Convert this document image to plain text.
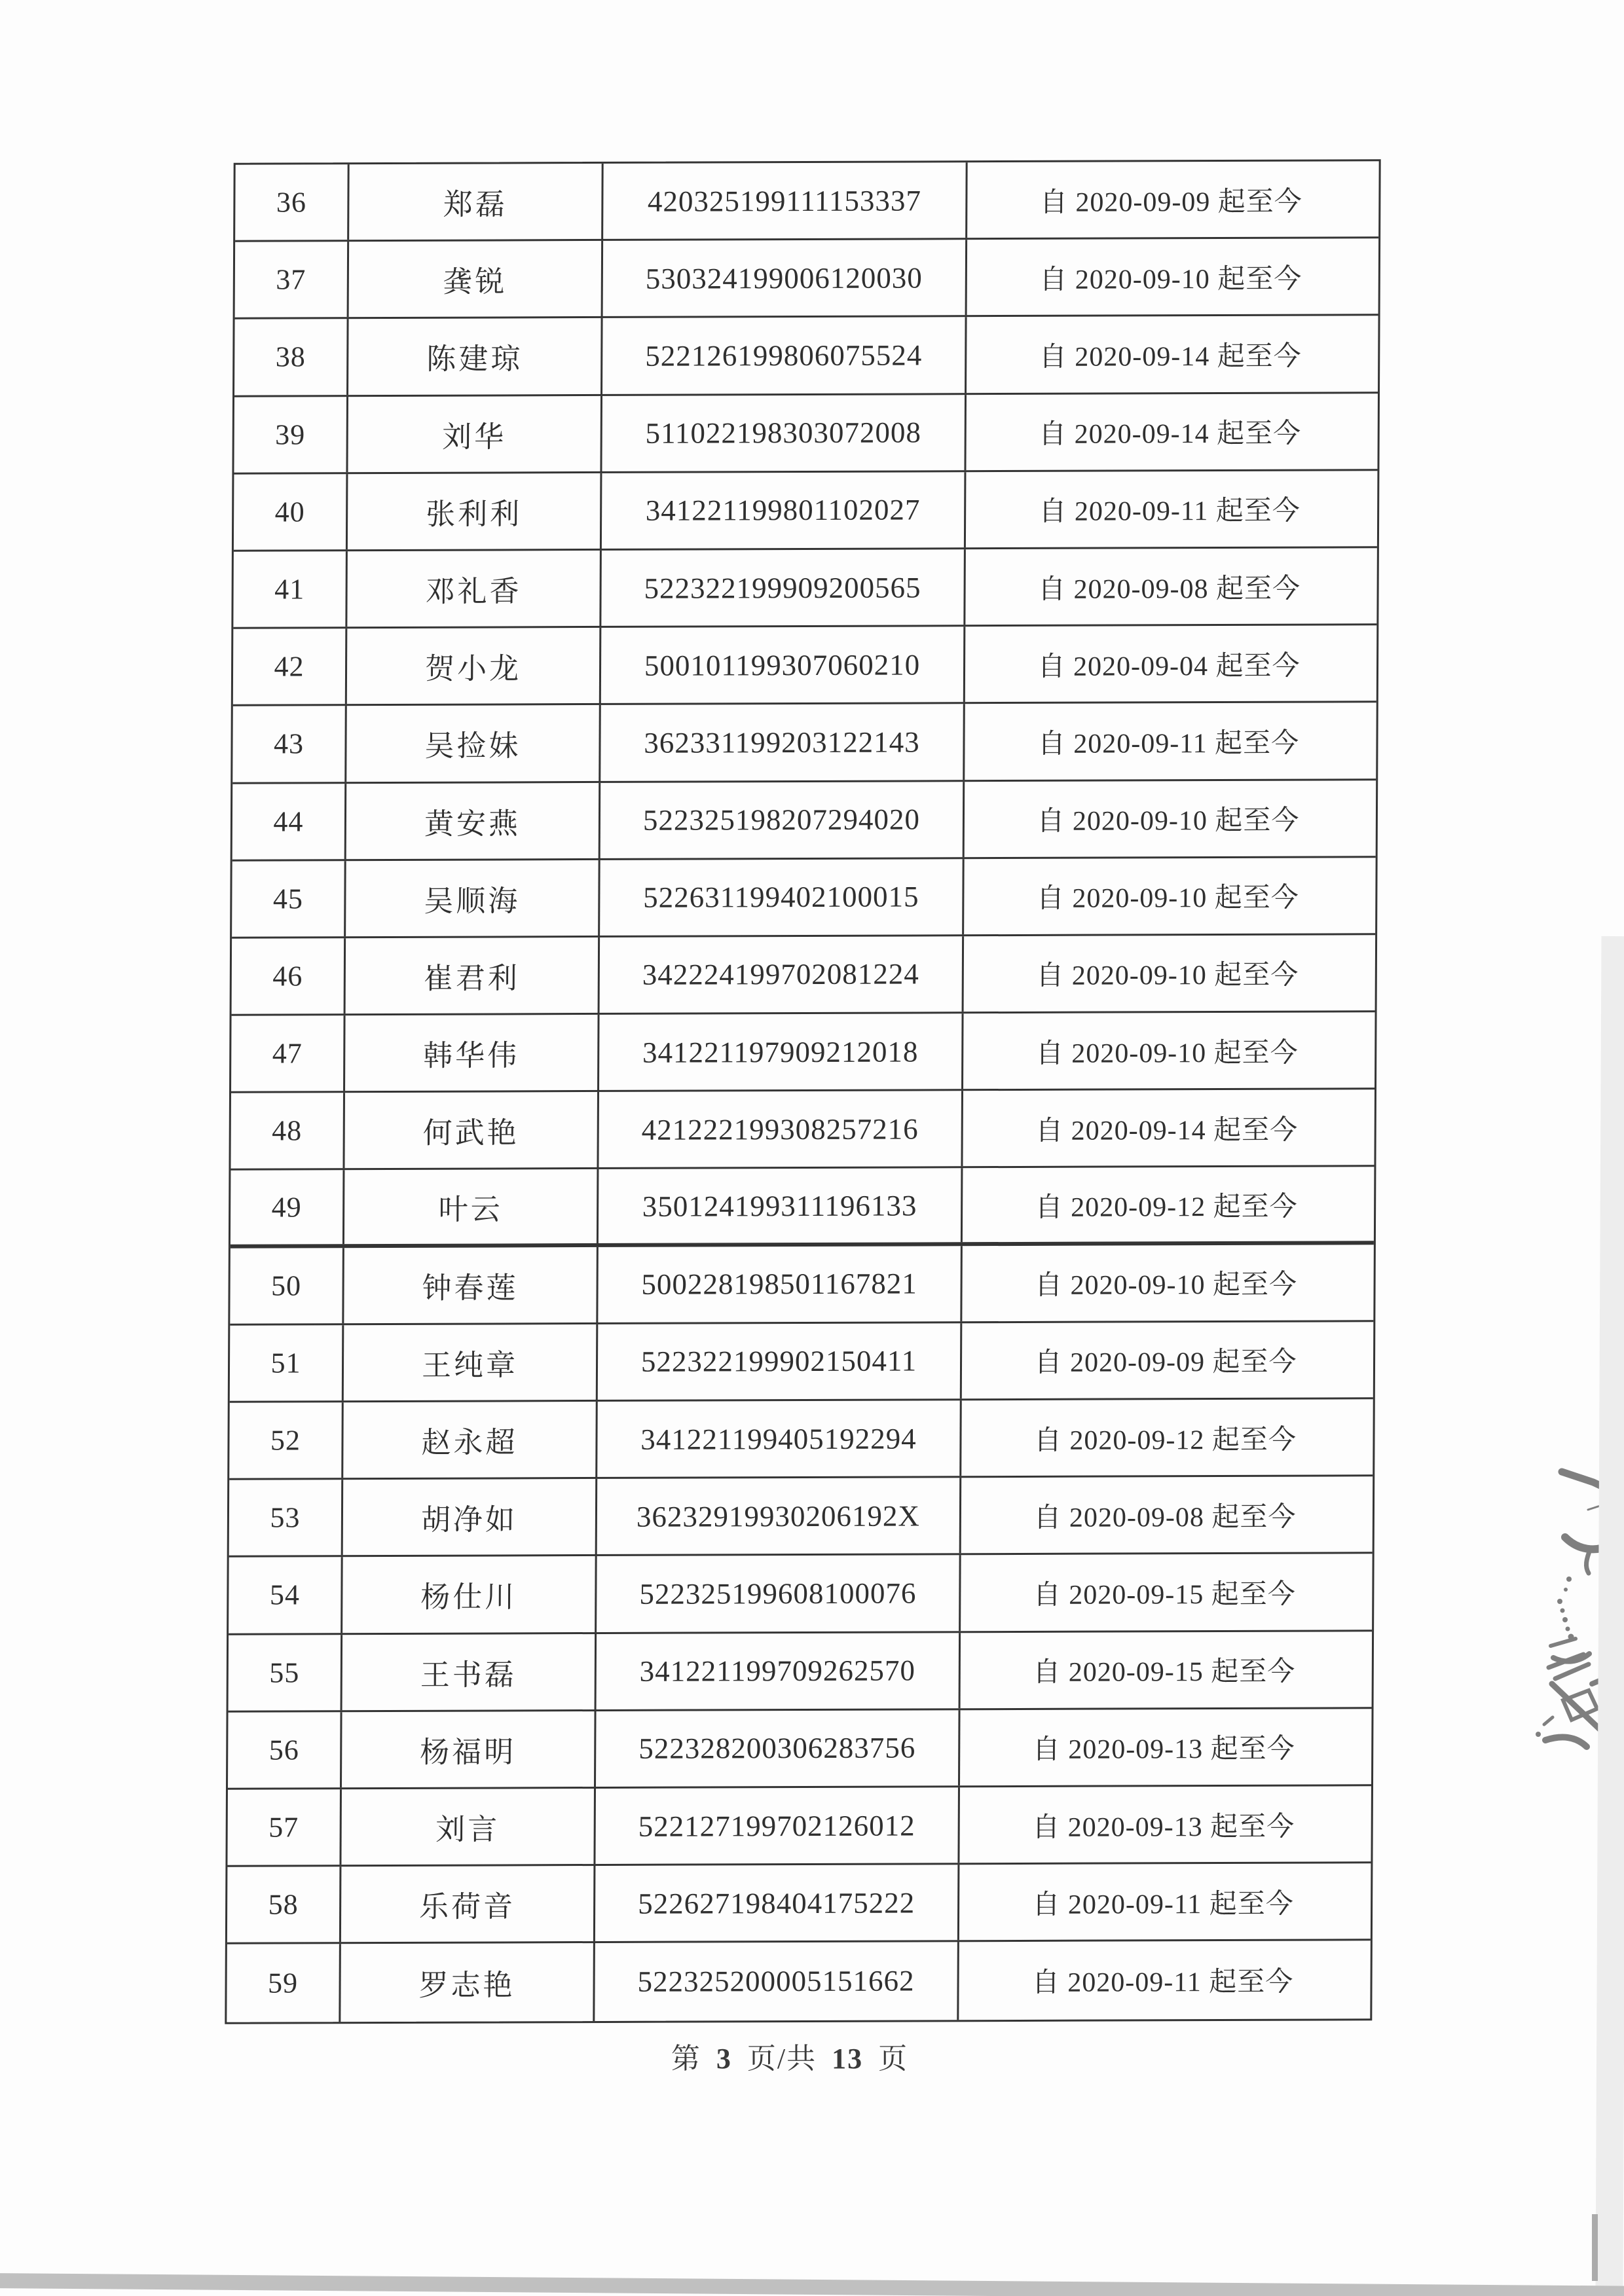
36	郑磊	420325199111153337	自 2020-09-09 起至今
37	龚锐	530324199006120030	自 2020-09-10 起至今
38	陈建琼	522126199806075524	自 2020-09-14 起至今
39	刘华	511022198303072008	自 2020-09-14 起至今
40	张利利	341221199801102027	自 2020-09-11 起至今
41	邓礼香	522322199909200565	自 2020-09-08 起至今
42	贺小龙	500101199307060210	自 2020-09-04 起至今
43	吴捡妹	362331199203122143	自 2020-09-11 起至今
44	黄安燕	522325198207294020	自 2020-09-10 起至今
45	吴顺海	522631199402100015	自 2020-09-10 起至今
46	崔君利	342224199702081224	自 2020-09-10 起至今
47	韩华伟	341221197909212018	自 2020-09-10 起至今
48	何武艳	421222199308257216	自 2020-09-14 起至今
49	叶云	350124199311196133	自 2020-09-12 起至今
50	钟春莲	500228198501167821	自 2020-09-10 起至今
51	王纯章	522322199902150411	自 2020-09-09 起至今
52	赵永超	341221199405192294	自 2020-09-12 起至今
53	胡净如	36232919930206192X	自 2020-09-08 起至今
54	杨仕川	522325199608100076	自 2020-09-15 起至今
55	王书磊	341221199709262570	自 2020-09-15 起至今
56	杨福明	522328200306283756	自 2020-09-13 起至今
57	刘言	522127199702126012	自 2020-09-13 起至今
58	乐荷音	522627198404175222	自 2020-09-11 起至今
59	罗志艳	522325200005151662	自 2020-09-11 起至今
第 3 页/共 13 页
